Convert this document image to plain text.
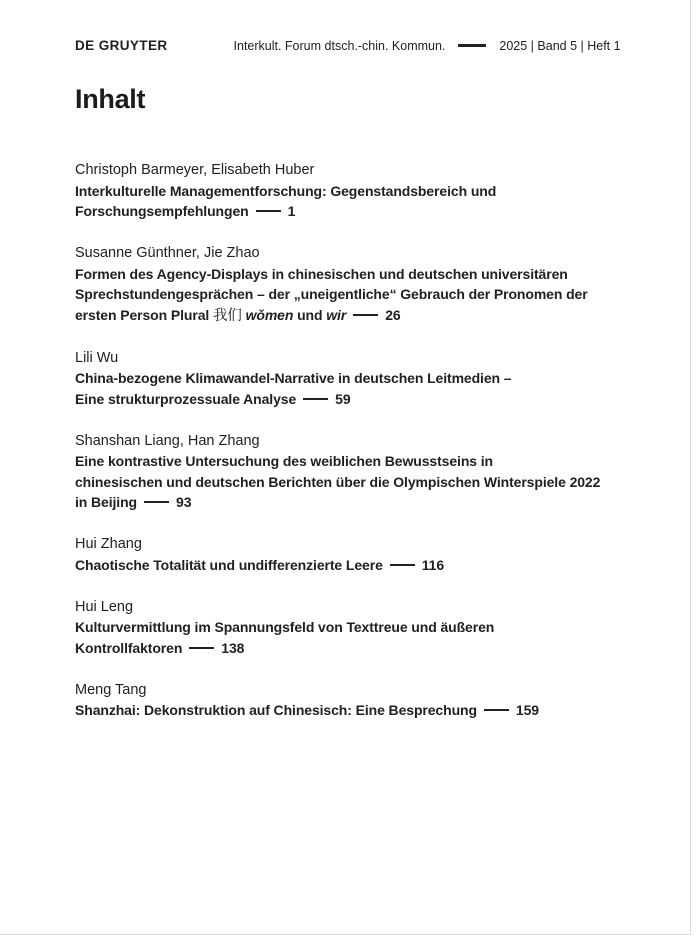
DE GRUYTER	Interkult. Forum dtsch.-chin. Kommun.	2025 | Band 5 | Heft 1
Inhalt
Christoph Barmeyer, Elisabeth Huber
Interkulturelle Managementforschung: Gegenstandsbereich und
Forschungsempfehlungen	1
Susanne Günthner, Jie Zhao
Formen des Agency-Displays in chinesischen und deutschen universitären
Sprechstundengesprächen – der „uneigentliche“ Gebrauch der Pronomen der
ersten Person Plural 我们 wǒmen und wir	26
Lili Wu
China-bezogene Klimawandel-Narrative in deutschen Leitmedien –
Eine strukturprozessuale Analyse	59
Shanshan Liang, Han Zhang
Eine kontrastive Untersuchung des weiblichen Bewusstseins in
chinesischen und deutschen Berichten über die Olympischen Winterspiele 2022
in Beijing	93
Hui Zhang
Chaotische Totalität und undifferenzierte Leere	116
Hui Leng
Kulturvermittlung im Spannungsfeld von Texttreue und äußeren
Kontrollfaktoren	138
Meng Tang
Shanzhai: Dekonstruktion auf Chinesisch: Eine Besprechung	159
